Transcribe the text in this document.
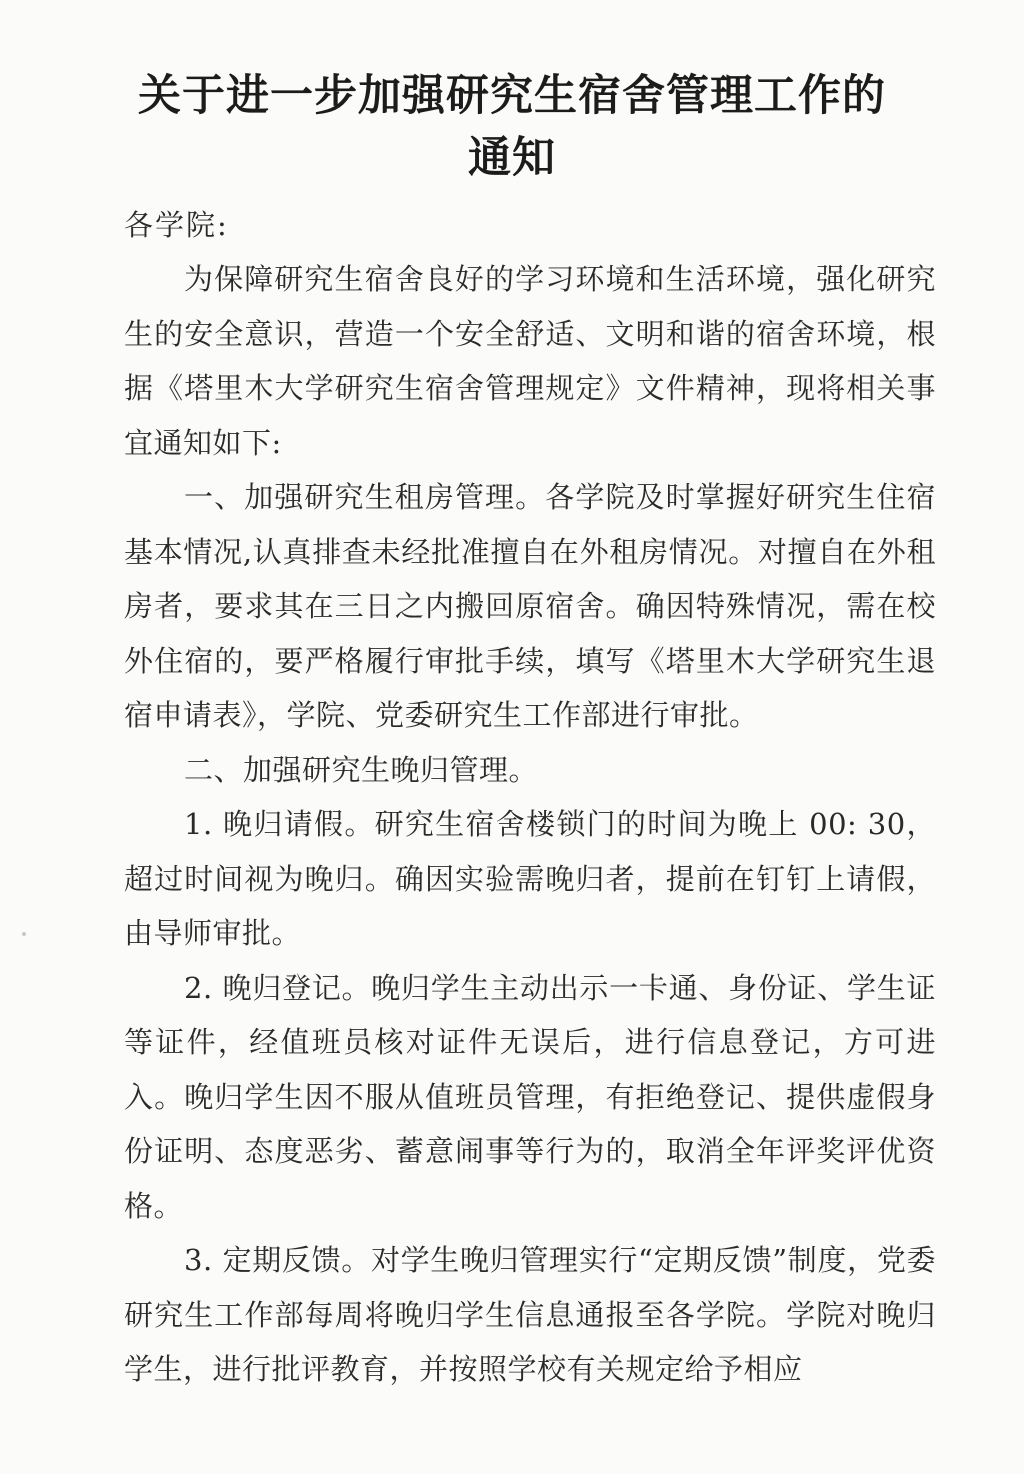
关于进一步加强研究生宿舍管理工作的
通知
各学院:

为保障研究生宿舍良好的学习环境和生活环境，强化研究生的安全意识，营造一个安全舒适、文明和谐的宿舍环境，根据《塔里木大学研究生宿舍管理规定》文件精神，现将相关事宜通知如下:

一、加强研究生租房管理。各学院及时掌握好研究生住宿基本情况,认真排查未经批准擅自在外租房情况。对擅自在外租房者，要求其在三日之内搬回原宿舍。确因特殊情况，需在校外住宿的，要严格履行审批手续，填写《塔里木大学研究生退宿申请表》，学院、党委研究生工作部进行审批。

二、加强研究生晚归管理。

1. 晚归请假。研究生宿舍楼锁门的时间为晚上 00: 30，超过时间视为晚归。确因实验需晚归者，提前在钉钉上请假，由导师审批。

2. 晚归登记。晚归学生主动出示一卡通、身份证、学生证等证件，经值班员核对证件无误后，进行信息登记，方可进入。晚归学生因不服从值班员管理，有拒绝登记、提供虚假身份证明、态度恶劣、蓄意闹事等行为的，取消全年评奖评优资格。

3. 定期反馈。对学生晚归管理实行“定期反馈”制度，党委研究生工作部每周将晚归学生信息通报至各学院。学院对晚归学生，进行批评教育，并按照学校有关规定给予相应
